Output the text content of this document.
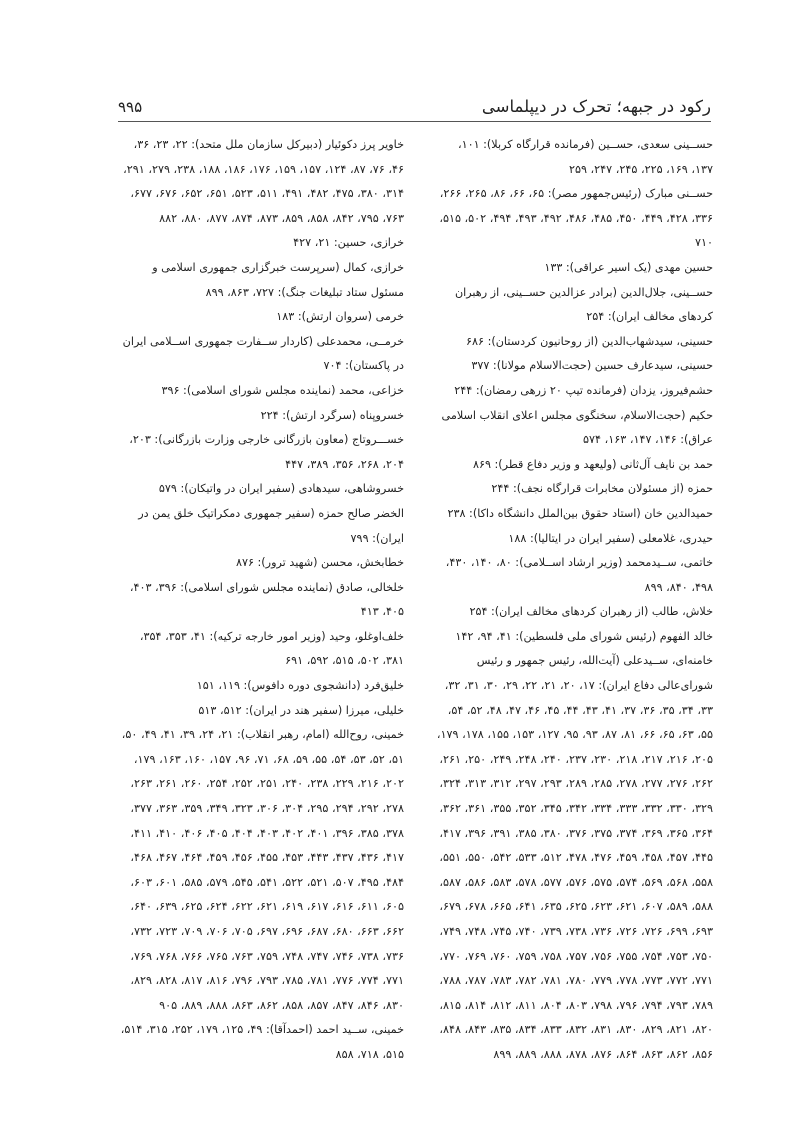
رکود در جبهه؛ تحرک در دیپلماسی
۹۹۵

حســینی سعدی، حســین (فرمانده قرارگاه کربلا): ۱۰۱، ۱۳۷، ۱۶۹، ۲۲۵، ۲۴۵، ۲۴۷، ۲۵۹

حســنی مبارک (رئیس‌جمهور مصر): ۶۵، ۶۶، ۸۶، ۲۶۵، ۲۶۶، ۳۳۶، ۴۲۸، ۴۴۹، ۴۵۰، ۴۸۵، ۴۸۶، ۴۹۲، ۴۹۳، ۴۹۴، ۵۰۲، ۵۱۵، ۷۱۰

حسین مهدی (یک اسیر عراقی): ۱۳۳

حســینی، جلال‌الدین (برادر عزالدین حســینی، از رهبران کردهای مخالف ایران): ۲۵۴

حسینی، سیدشهاب‌الدین (از روحانیون کردستان): ۶۸۶

حسینی، سیدعارف حسین (حجت‌الاسلام مولانا): ۳۷۷

حشم‌فیروز، یزدان (فرمانده تیپ ۲۰ زرهی رمضان): ۲۴۴

حکیم (حجت‌الاسلام، سخنگوی مجلس اعلای انقلاب اسلامی عراق): ۱۴۶، ۱۴۷، ۱۶۳، ۵۷۴

حمد بن نایف آل‌ثانی (ولیعهد و وزیر دفاع قطر): ۸۶۹

حمزه (از مسئولان مخابرات قرارگاه نجف): ۲۴۴

حمیدالدین خان (استاد حقوق بین‌الملل دانشگاه داکا): ۲۳۸

حیدری، غلامعلی (سفیر ایران در ایتالیا): ۱۸۸

خاتمی، ســیدمحمد (وزیر ارشاد اســلامی): ۸۰، ۱۴۰، ۴۳۰، ۴۹۸، ۸۴۰، ۸۹۹

خلاش، طالب (از رهبران کردهای مخالف ایران): ۲۵۴

خالد الفهوم (رئیس شورای ملی فلسطین): ۴۱، ۹۴، ۱۴۲

خامنه‌ای، ســیدعلی (آیت‌الله، رئیس جمهور و رئیس شورای‌عالی دفاع ایران): ۱۷، ۲۰، ۲۱، ۲۲، ۲۹، ۳۰، ۳۱، ۳۲، ۳۳، ۳۴، ۳۵، ۳۶، ۳۷، ۴۱، ۴۳، ۴۴، ۴۵، ۴۶، ۴۷، ۴۸، ۵۲، ۵۴، ۵۵، ۶۳، ۶۵، ۶۶، ۸۱، ۸۷، ۹۳، ۹۵، ۱۲۷، ۱۵۳، ۱۵۵، ۱۷۸، ۱۷۹، ۲۰۵، ۲۱۶، ۲۱۷، ۲۱۸، ۲۳۰، ۲۳۷، ۲۴۰، ۲۴۸، ۲۴۹، ۲۵۰، ۲۶۱، ۲۶۲، ۲۷۶، ۲۷۷، ۲۷۸، ۲۸۵، ۲۸۹، ۲۹۳، ۲۹۷، ۳۱۲، ۳۱۳، ۳۲۴، ۳۲۹، ۳۳۰، ۳۳۲، ۳۳۳، ۳۳۴، ۳۴۲، ۳۴۵، ۳۵۲، ۳۵۵، ۳۶۱، ۳۶۲، ۳۶۴، ۳۶۵، ۳۶۹، ۳۷۴، ۳۷۵، ۳۷۶، ۳۸۰، ۳۸۵، ۳۹۱، ۳۹۶، ۴۱۷، ۴۴۵، ۴۵۷، ۴۵۸، ۴۵۹، ۴۷۶، ۴۷۸، ۵۱۲، ۵۳۳، ۵۴۲، ۵۵۰، ۵۵۱، ۵۵۸، ۵۶۸، ۵۶۹، ۵۷۴، ۵۷۵، ۵۷۶، ۵۷۷، ۵۷۸، ۵۸۳، ۵۸۶، ۵۸۷، ۵۸۸، ۵۸۹، ۶۰۷، ۶۲۱، ۶۲۳، ۶۲۵، ۶۳۵، ۶۴۱، ۶۶۵، ۶۷۸، ۶۷۹، ۶۹۳، ۶۹۹، ۷۲۶، ۷۲۶، ۷۳۶، ۷۳۸، ۷۳۹، ۷۴۰، ۷۴۵، ۷۴۸، ۷۴۹، ۷۵۰، ۷۵۳، ۷۵۴، ۷۵۵، ۷۵۶، ۷۵۷، ۷۵۸، ۷۵۹، ۷۶۰، ۷۶۹، ۷۷۰، ۷۷۱، ۷۷۲، ۷۷۳، ۷۷۸، ۷۷۹، ۷۸۰، ۷۸۱، ۷۸۲، ۷۸۳، ۷۸۷، ۷۸۸، ۷۸۹، ۷۹۳، ۷۹۴، ۷۹۶، ۷۹۸، ۸۰۳، ۸۰۴، ۸۱۱، ۸۱۲، ۸۱۴، ۸۱۵، ۸۲۰، ۸۲۱، ۸۲۹، ۸۳۰، ۸۳۱، ۸۳۲، ۸۳۳، ۸۳۴، ۸۳۵، ۸۴۳، ۸۴۸، ۸۵۶، ۸۶۲، ۸۶۳، ۸۶۴، ۸۷۶، ۸۷۸، ۸۸۸، ۸۸۹، ۸۹۹

خاویر پرز دکوئیار (دبیرکل سازمان ملل متحد): ۲۲، ۲۳، ۳۶، ۴۶، ۷۶، ۸۷، ۱۲۴، ۱۵۷، ۱۵۹، ۱۷۶، ۱۸۶، ۱۸۸، ۲۳۸، ۲۷۹، ۲۹۱، ۳۱۴، ۳۸۰، ۴۷۵، ۴۸۲، ۴۹۱، ۵۱۱، ۵۲۳، ۶۵۱، ۶۵۲، ۶۷۶، ۶۷۷، ۷۶۳، ۷۹۵، ۸۴۲، ۸۵۸، ۸۵۹، ۸۷۳، ۸۷۴، ۸۷۷، ۸۸۰، ۸۸۲

خرازی، حسین: ۲۱، ۴۲۷

خرازی، کمال (سرپرست خبرگزاری جمهوری اسلامی و مسئول ستاد تبلیغات جنگ): ۷۲۷، ۸۶۳، ۸۹۹

خرمی (سروان ارتش): ۱۸۳

خرمــی، محمدعلی (کاردار ســفارت جمهوری اســلامی ایران در پاکستان): ۷۰۴

خزاعی، محمد (نماینده مجلس شورای اسلامی): ۳۹۶

خسروپناه (سرگرد ارتش): ۲۲۴

خســـروتاج (معاون بازرگانی خارجی وزارت بازرگانی): ۲۰۳، ۲۰۴، ۲۶۸، ۳۵۶، ۳۸۹، ۴۴۷

خسروشاهی، سیدهادی (سفیر ایران در واتیکان): ۵۷۹

الخضر صالح حمزه (سفیر جمهوری دمکراتیک خلق یمن در ایران): ۷۹۹

خطابخش، محسن (شهید ترور): ۸۷۶

خلخالی، صادق (نماینده مجلس شورای اسلامی): ۳۹۶، ۴۰۳، ۴۰۵، ۴۱۳

خلف‌اوغلو، وحید (وزیر امور خارجه ترکیه): ۴۱، ۳۵۳، ۳۵۴، ۳۸۱، ۵۰۲، ۵۱۵، ۵۹۲، ۶۹۱

خلیق‌فرد (دانشجوی دوره دافوس): ۱۱۹، ۱۵۱

خلیلی، میرزا (سفیر هند در ایران): ۵۱۲، ۵۱۳

خمینی، روح‌الله (امام، رهبر انقلاب): ۲۱، ۲۴، ۳۹، ۴۱، ۴۹، ۵۰، ۵۱، ۵۲، ۵۳، ۵۴، ۵۵، ۵۹، ۶۸، ۷۱، ۹۶، ۱۵۷، ۱۶۰، ۱۶۳، ۱۷۹، ۲۰۲، ۲۱۶، ۲۲۹، ۲۳۸، ۲۴۰، ۲۵۱، ۲۵۲، ۲۵۴، ۲۶۰، ۲۶۱، ۲۶۳، ۲۷۸، ۲۹۲، ۲۹۴، ۲۹۵، ۳۰۴، ۳۰۶، ۳۲۳، ۳۴۹، ۳۵۹، ۳۶۳، ۳۷۷، ۳۷۸، ۳۸۵، ۳۹۶، ۴۰۱، ۴۰۲، ۴۰۳، ۴۰۴، ۴۰۵، ۴۰۶، ۴۱۰، ۴۱۱، ۴۱۷، ۴۳۶، ۴۳۷، ۴۴۳، ۴۵۳، ۴۵۵، ۴۵۶، ۴۵۹، ۴۶۴، ۴۶۷، ۴۶۸، ۴۸۴، ۴۹۵، ۵۰۷، ۵۲۱، ۵۲۲، ۵۴۱، ۵۴۵، ۵۷۹، ۵۸۵، ۶۰۱، ۶۰۳، ۶۰۵، ۶۱۱، ۶۱۶، ۶۱۷، ۶۱۹، ۶۲۱، ۶۲۲، ۶۲۴، ۶۲۵، ۶۳۹، ۶۴۰، ۶۶۲، ۶۶۳، ۶۸۰، ۶۸۷، ۶۹۶، ۶۹۷، ۷۰۵، ۷۰۶، ۷۰۹، ۷۲۳، ۷۳۲، ۷۳۶، ۷۳۸، ۷۴۶، ۷۴۷، ۷۴۸، ۷۵۹، ۷۶۳، ۷۶۵، ۷۶۶، ۷۶۸، ۷۶۹، ۷۷۱، ۷۷۴، ۷۷۶، ۷۸۱، ۷۸۵، ۷۹۳، ۷۹۶، ۸۱۶، ۸۱۷، ۸۲۸، ۸۲۹، ۸۳۰، ۸۴۶، ۸۴۷، ۸۵۷، ۸۵۸، ۸۶۲، ۸۶۳، ۸۸۸، ۸۸۹، ۹۰۵

خمینی، ســید احمد (احمدآقا): ۴۹، ۱۲۵، ۱۷۹، ۲۵۲، ۳۱۵، ۵۱۴، ۵۱۵، ۷۱۸، ۸۵۸
